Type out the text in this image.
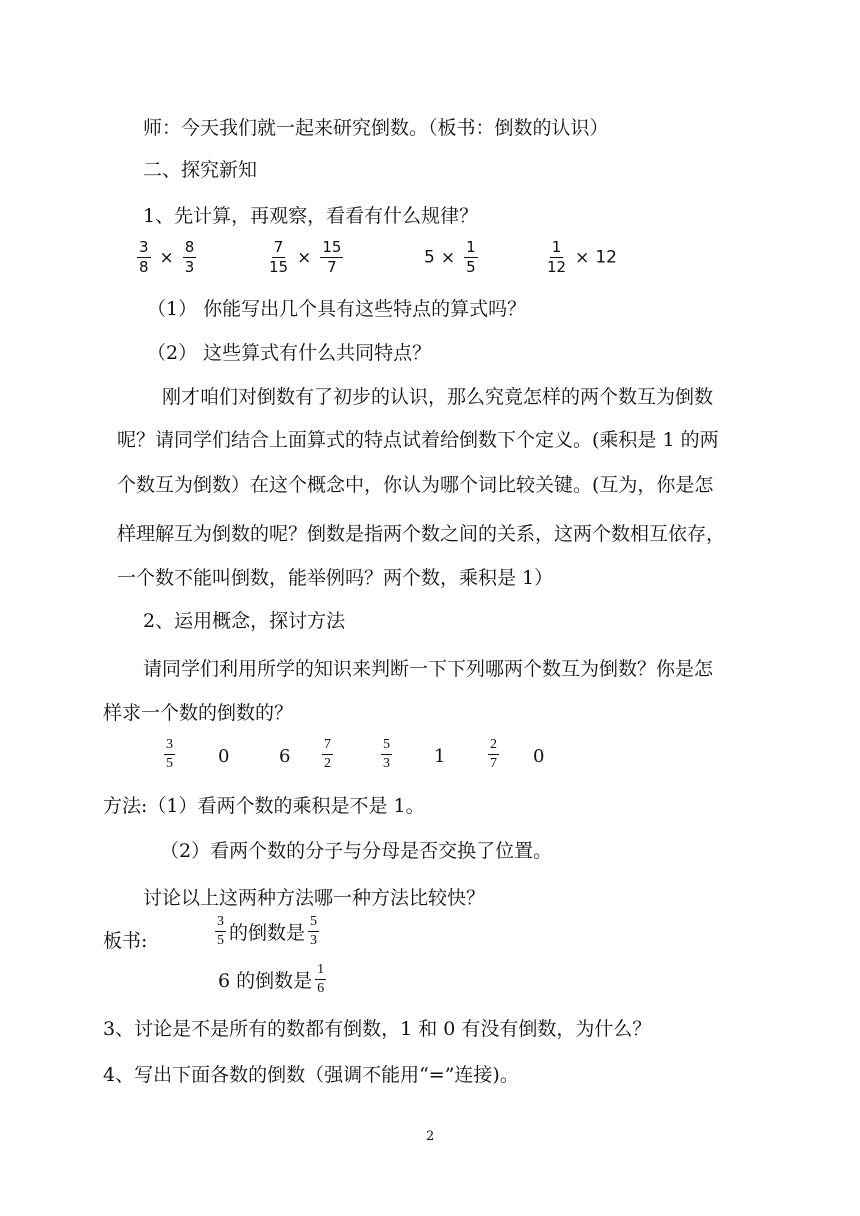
师：今天我们就一起来研究倒数。（板书：倒数的认识）
二、探究新知
1、先计算，再观察，看看有什么规律？
$\frac{3}{8} \times \frac{8}{3}$	$\frac{7}{15} \times \frac{15}{7}$	$5 \times \frac{1}{5}$	$\frac{1}{12} \times 12$
（1） 你能写出几个具有这些特点的算式吗？
（2） 这些算式有什么共同特点？
刚才咱们对倒数有了初步的认识，那么究竟怎样的两个数互为倒数
呢？请同学们结合上面算式的特点试着给倒数下个定义。(乘积是 1 的两
个数互为倒数）在这个概念中，你认为哪个词比较关键。(互为，你是怎
样理解互为倒数的呢？倒数是指两个数之间的关系，这两个数相互依存，
一个数不能叫倒数，能举例吗？两个数，乘积是 1）
2、运用概念，探讨方法
请同学们利用所学的知识来判断一下下列哪两个数互为倒数？你是怎
样求一个数的倒数的？
$\frac{3}{5} 0$	$6 \frac{7}{2}$	$\frac{5}{3} 1$	$\frac{2}{7} 0$
方法:（1）看两个数的乘积是不是 1。
（2）看两个数的分子与分母是否交换了位置。
讨论以上这两种方法哪一种方法比较快？
板书:	$\frac{3}{5}$ 的倒数是 $\frac{5}{3}$
6 的倒数是 $\frac{1}{6}$
3、讨论是不是所有的数都有倒数，1 和 0 有没有倒数，为什么？
4、写出下面各数的倒数（强调不能用“=”连接)。
2
